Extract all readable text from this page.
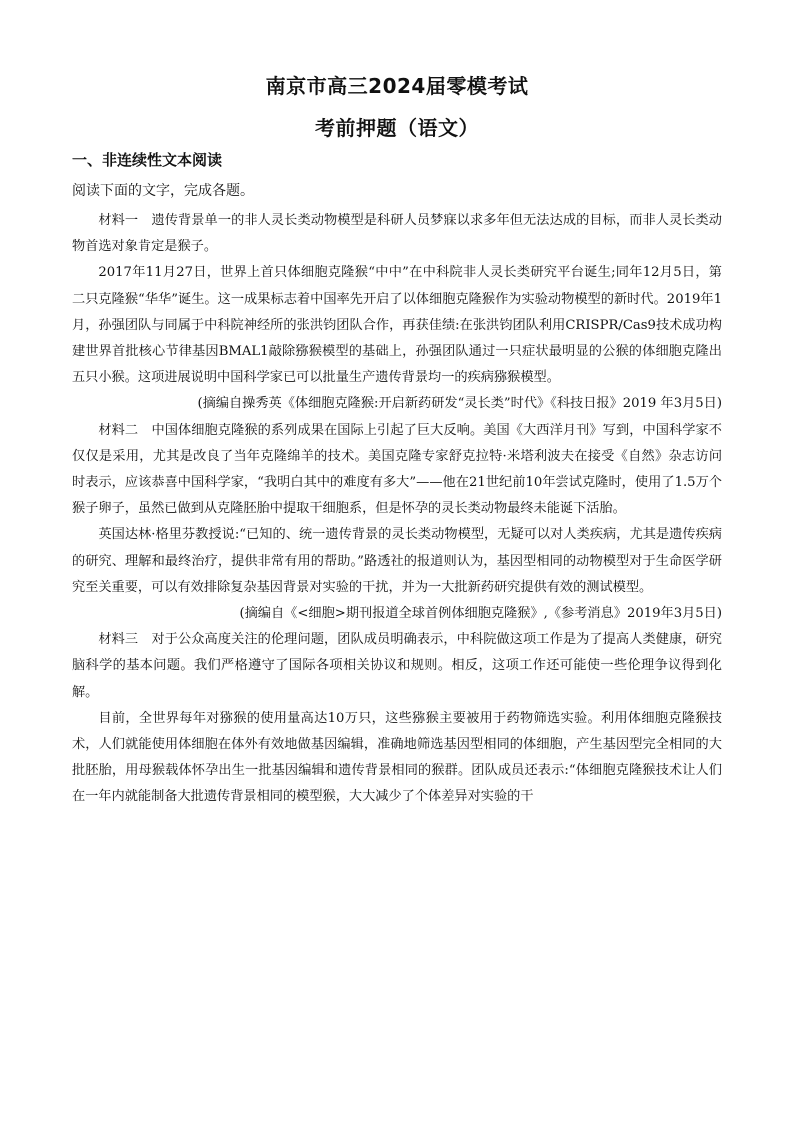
南京市高三2024届零模考试
考前押题（语文）
一、非连续性文本阅读
阅读下面的文字，完成各题。

材料一　遗传背景单一的非人灵长类动物模型是科研人员梦寐以求多年但无法达成的目标，而非人灵长类动物首选对象肯定是猴子。

2017年11月27日，世界上首只体细胞克隆猴“中中”在中科院非人灵长类研究平台诞生;同年12月5日，第二只克隆猴“华华”诞生。这一成果标志着中国率先开启了以体细胞克隆猴作为实验动物模型的新时代。2019年1月，孙强团队与同属于中科院神经所的张洪钧团队合作，再获佳绩:在张洪钧团队利用CRISPR/Cas9技术成功构建世界首批核心节律基因BMAL1敲除猕猴模型的基础上，孙强团队通过一只症状最明显的公猴的体细胞克隆出五只小猴。这项进展说明中国科学家已可以批量生产遗传背景均一的疾病猕猴模型。

(摘编自操秀英《体细胞克隆猴:开启新药研发“灵长类”时代》《科技日报》2019 年3月5日)

材料二　中国体细胞克隆猴的系列成果在国际上引起了巨大反响。美国《大西洋月刊》写到，中国科学家不仅仅是采用，尤其是改良了当年克隆绵羊的技术。美国克隆专家舒克拉特·米塔利波夫在接受《自然》杂志访问时表示，应该恭喜中国科学家，“我明白其中的难度有多大”——他在21世纪前10年尝试克隆时，使用了1.5万个猴子卵子，虽然已做到从克隆胚胎中提取干细胞系，但是怀孕的灵长类动物最终未能诞下活胎。

英国达林·格里芬教授说:“已知的、统一遗传背景的灵长类动物模型，无疑可以对人类疾病，尤其是遗传疾病的研究、理解和最终治疗，提供非常有用的帮助。”路透社的报道则认为，基因型相同的动物模型对于生命医学研究至关重要，可以有效排除复杂基因背景对实验的干扰，并为一大批新药研究提供有效的测试模型。

(摘编自《<细胞>期刊报道全球首例体细胞克隆猴》,《参考消息》2019年3月5日)

材料三　对于公众高度关注的伦理问题，团队成员明确表示，中科院做这项工作是为了提高人类健康，研究脑科学的基本问题。我们严格遵守了国际各项相关协议和规则。相反，这项工作还可能使一些伦理争议得到化解。

目前，全世界每年对猕猴的使用量高达10万只，这些猕猴主要被用于药物筛选实验。利用体细胞克隆猴技术，人们就能使用体细胞在体外有效地做基因编辑，准确地筛选基因型相同的体细胞，产生基因型完全相同的大批胚胎，用母猴载体怀孕出生一批基因编辑和遗传背景相同的猴群。团队成员还表示:“体细胞克隆猴技术让人们在一年内就能制备大批遗传背景相同的模型猴，大大减少了个体差异对实验的干
